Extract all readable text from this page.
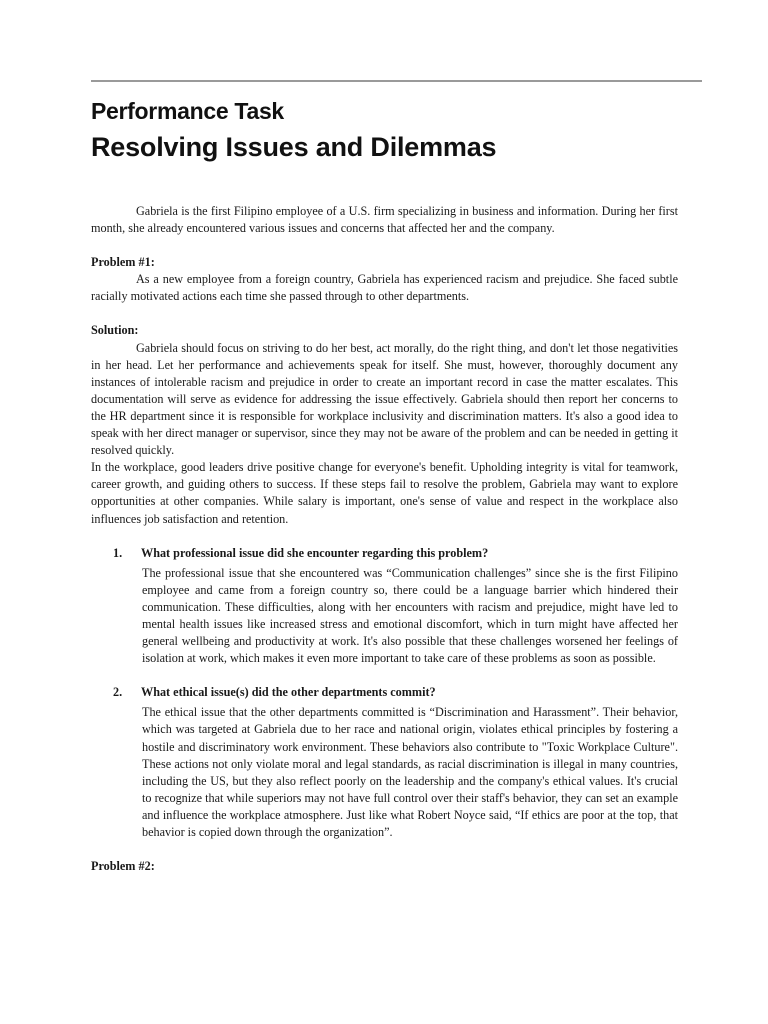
Performance Task
Resolving Issues and Dilemmas

Gabriela is the first Filipino employee of a U.S. firm specializing in business and information. During her first month, she already encountered various issues and concerns that affected her and the company.

Problem #1:

As a new employee from a foreign country, Gabriela has experienced racism and prejudice. She faced subtle racially motivated actions each time she passed through to other departments.

Solution:

Gabriela should focus on striving to do her best, act morally, do the right thing, and don't let those negativities in her head. Let her performance and achievements speak for itself. She must, however, thoroughly document any instances of intolerable racism and prejudice in order to create an important record in case the matter escalates. This documentation will serve as evidence for addressing the issue effectively. Gabriela should then report her concerns to the HR department since it is responsible for workplace inclusivity and discrimination matters. It's also a good idea to speak with her direct manager or supervisor, since they may not be aware of the problem and can be needed in getting it resolved quickly.

In the workplace, good leaders drive positive change for everyone's benefit. Upholding integrity is vital for teamwork, career growth, and guiding others to success. If these steps fail to resolve the problem, Gabriela may want to explore opportunities at other companies. While salary is important, one's sense of value and respect in the workplace also influences job satisfaction and retention.

1.	What professional issue did she encounter regarding this problem?

The professional issue that she encountered was “Communication challenges” since she is the first Filipino employee and came from a foreign country so, there could be a language barrier which hindered their communication. These difficulties, along with her encounters with racism and prejudice, might have led to mental health issues like increased stress and emotional discomfort, which in turn might have affected her general wellbeing and productivity at work. It's also possible that these challenges worsened her feelings of isolation at work, which makes it even more important to take care of these problems as soon as possible.

2.	What ethical issue(s) did the other departments commit?

The ethical issue that the other departments committed is “Discrimination and Harassment”. Their behavior, which was targeted at Gabriela due to her race and national origin, violates ethical principles by fostering a hostile and discriminatory work environment. These behaviors also contribute to "Toxic Workplace Culture". These actions not only violate moral and legal standards, as racial discrimination is illegal in many countries, including the US, but they also reflect poorly on the leadership and the company's ethical values. It's crucial to recognize that while superiors may not have full control over their staff's behavior, they can set an example and influence the workplace atmosphere. Just like what Robert Noyce said, “If ethics are poor at the top, that behavior is copied down through the organization”.

Problem #2:
